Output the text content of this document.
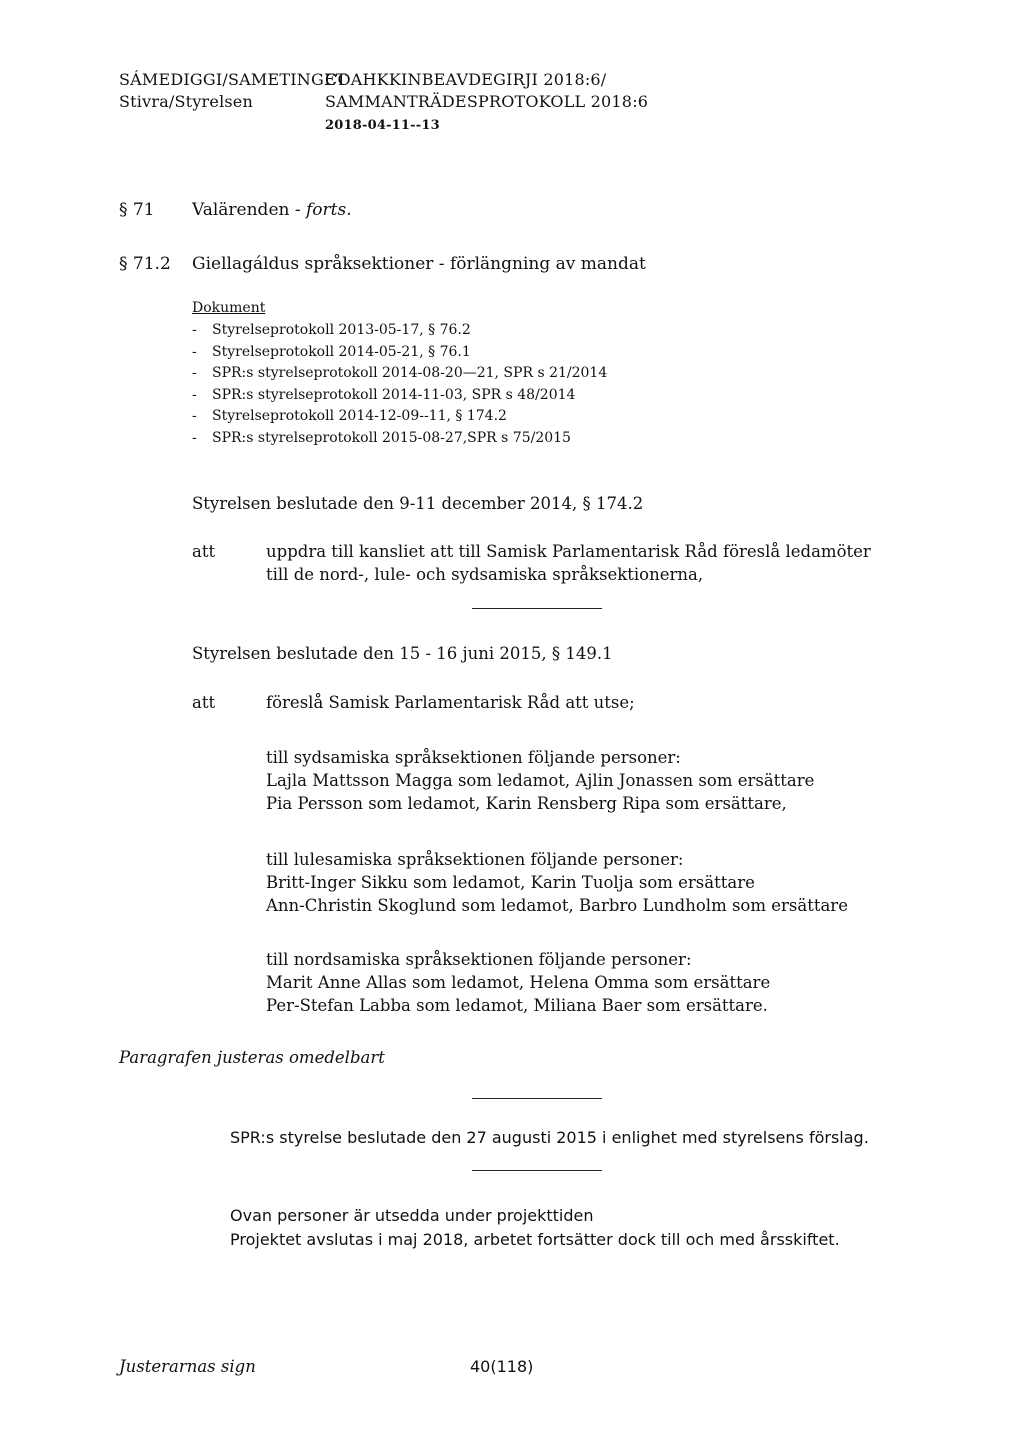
SÁMEDIGGI/SAMETINGET
Stivra/Styrelsen
COAHKKINBEAVDEGIRJI 2018:6/
SAMMANTRÄDESPROTOKOLL 2018:6
2018-04-11--13
§ 71 Valärenden - forts.
§ 71.2 Giellagáldus språksektioner - förlängning av mandat
Dokument
- Styrelseprotokoll 2013-05-17, § 76.2
- Styrelseprotokoll 2014-05-21, § 76.1
- SPR:s styrelseprotokoll 2014-08-20—21, SPR s 21/2014
- SPR:s styrelseprotokoll 2014-11-03, SPR s 48/2014
- Styrelseprotokoll 2014-12-09--11, § 174.2
- SPR:s styrelseprotokoll 2015-08-27,SPR s 75/2015
Styrelsen beslutade den 9-11 december 2014, § 174.2
att	uppdra till kansliet att till Samisk Parlamentarisk Råd föreslå ledamöter
till de nord-, lule- och sydsamiska språksektionerna,
Styrelsen beslutade den 15 - 16 juni 2015, § 149.1
att	föreslå Samisk Parlamentarisk Råd att utse;
till sydsamiska språksektionen följande personer:
Lajla Mattsson Magga som ledamot, Ajlin Jonassen som ersättare
Pia Persson som ledamot, Karin Rensberg Ripa som ersättare,
till lulesamiska språksektionen följande personer:
Britt-Inger Sikku som ledamot, Karin Tuolja som ersättare
Ann-Christin Skoglund som ledamot, Barbro Lundholm som ersättare
till nordsamiska språksektionen följande personer:
Marit Anne Allas som ledamot, Helena Omma som ersättare
Per-Stefan Labba som ledamot, Miliana Baer som ersättare.
Paragrafen justeras omedelbart
SPR:s styrelse beslutade den 27 augusti 2015 i enlighet med styrelsens förslag.
Ovan personer är utsedda under projekttiden
Projektet avslutas i maj 2018, arbetet fortsätter dock till och med årsskiftet.
Justerarnas sign	40(118)
